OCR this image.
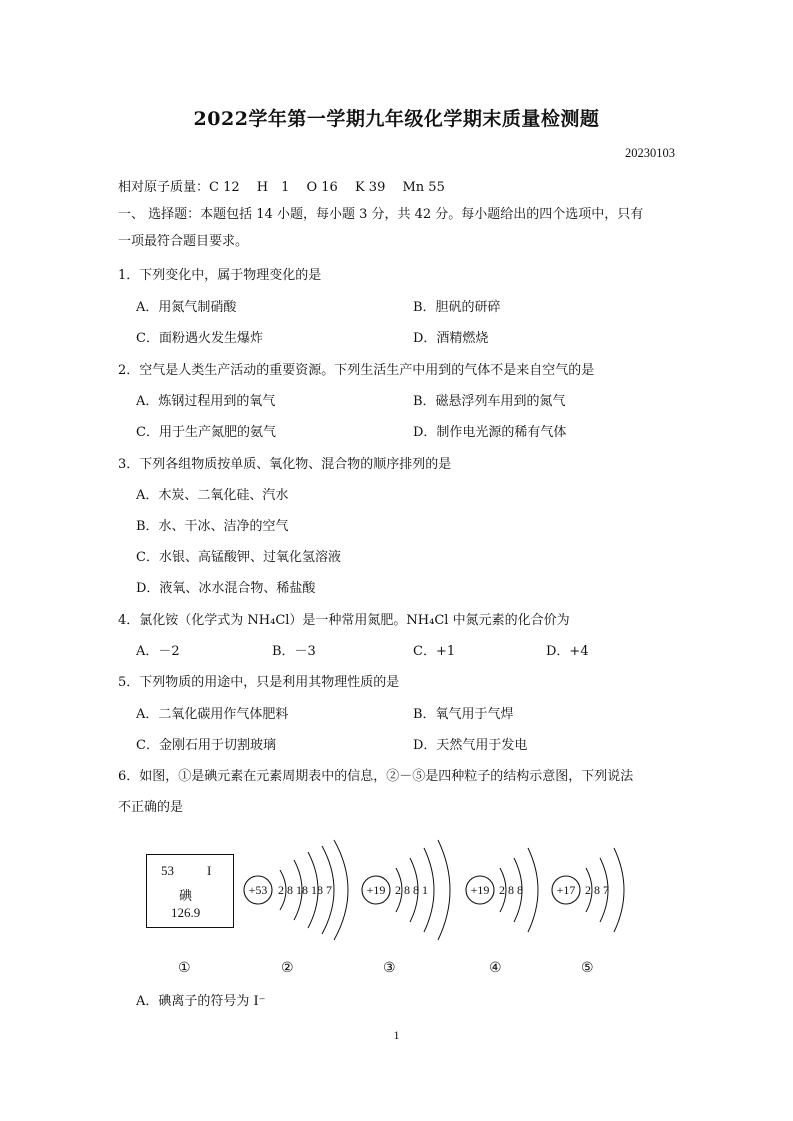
2022学年第一学期九年级化学期末质量检测题
20230103
相对原子质量：C 12　 H　1　 O 16　 K 39　 Mn 55
一、 选择题：本题包括 14 小题，每小题 3 分，共 42 分。每小题给出的四个选项中，只有
一项最符合题目要求。
1．下列变化中，属于物理变化的是
A．用氮气制硝酸	B．胆矾的研碎
C．面粉遇火发生爆炸	D．酒精燃烧
2．空气是人类生产活动的重要资源。下列生活生产中用到的气体不是来自空气的是
A．炼钢过程用到的氧气	B．磁悬浮列车用到的氮气
C．用于生产氮肥的氨气	D．制作电光源的稀有气体
3．下列各组物质按单质、氧化物、混合物的顺序排列的是
A．木炭、二氧化硅、汽水
B．水、干冰、洁净的空气
C．水银、高锰酸钾、过氧化氢溶液
D．液氧、冰水混合物、稀盐酸
4．氯化铵（化学式为 NH₄Cl）是一种常用氮肥。NH₄Cl 中氮元素的化合价为
A．－2	B．－3	C．+1	D．+4
5．下列物质的用途中，只是利用其物理性质的是
A．二氧化碳用作气体肥料	B．氧气用于气焊
C．金刚石用于切割玻璃	D．天然气用于发电
6．如图，①是碘元素在元素周期表中的信息，②－⑤是四种粒子的结构示意图，下列说法
不正确的是
53	I
碘
126.9
+53 2 8 18 18 7	+19 2 8 8 1	+19 2 8 8	+17 2 8 7
①	②	③	④	⑤
A．碘离子的符号为 I⁻
1
